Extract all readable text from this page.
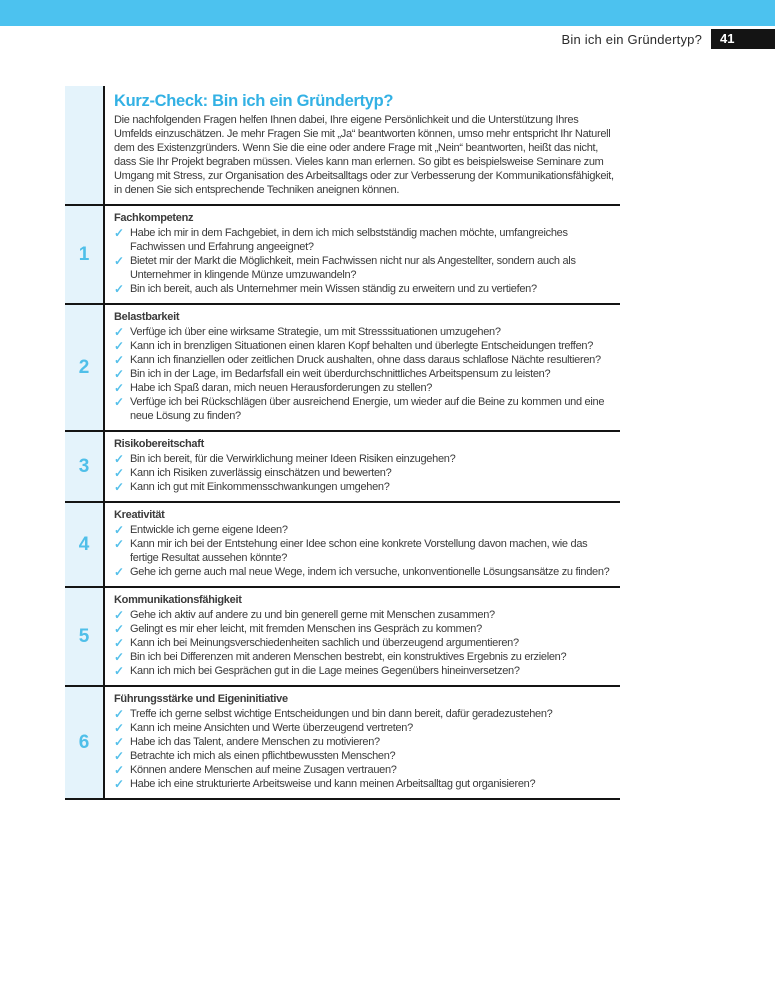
Bin ich ein Gründertyp?	41
Kurz-Check: Bin ich ein Gründertyp?

Die nachfolgenden Fragen helfen Ihnen dabei, Ihre eigene Persönlichkeit und die Unterstützung Ihres Umfelds einzuschätzen. Je mehr Fragen Sie mit „Ja“ beantworten können, umso mehr entspricht Ihr Naturell dem des Existenzgründers. Wenn Sie die eine oder andere Frage mit „Nein“ beantworten, heißt das nicht, dass Sie Ihr Projekt begraben müssen. Vieles kann man erlernen. So gibt es beispielsweise Seminare zum Umgang mit Stress, zur Organisation des Arbeitsalltags oder zur Verbesserung der Kommunikationsfähigkeit, in denen Sie sich entsprechende Techniken aneignen können.

1
Fachkompetenz
✓ Habe ich mir in dem Fachgebiet, in dem ich mich selbstständig machen möchte, umfangreiches Fachwissen und Erfahrung angeeignet?
✓ Bietet mir der Markt die Möglichkeit, mein Fachwissen nicht nur als Angestellter, sondern auch als Unternehmer in klingende Münze umzuwandeln?
✓ Bin ich bereit, auch als Unternehmer mein Wissen ständig zu erweitern und zu vertiefen?
2
Belastbarkeit
✓ Verfüge ich über eine wirksame Strategie, um mit Stresssituationen umzugehen?
✓ Kann ich in brenzligen Situationen einen klaren Kopf behalten und überlegte Entscheidungen treffen?
✓ Kann ich finanziellen oder zeitlichen Druck aushalten, ohne dass daraus schlaflose Nächte resultieren?
✓ Bin ich in der Lage, im Bedarfsfall ein weit überdurchschnittliches Arbeitspensum zu leisten?
✓ Habe ich Spaß daran, mich neuen Herausforderungen zu stellen?
✓ Verfüge ich bei Rückschlägen über ausreichend Energie, um wieder auf die Beine zu kommen und eine neue Lösung zu finden?
3
Risikobereitschaft
✓ Bin ich bereit, für die Verwirklichung meiner Ideen Risiken einzugehen?
✓ Kann ich Risiken zuverlässig einschätzen und bewerten?
✓ Kann ich gut mit Einkommensschwankungen umgehen?
4
Kreativität
✓ Entwickle ich gerne eigene Ideen?
✓ Kann mir ich bei der Entstehung einer Idee schon eine konkrete Vorstellung davon machen, wie das fertige Resultat aussehen könnte?
✓ Gehe ich gerne auch mal neue Wege, indem ich versuche, unkonventionelle Lösungsansätze zu finden?
5
Kommunikationsfähigkeit
✓ Gehe ich aktiv auf andere zu und bin generell gerne mit Menschen zusammen?
✓ Gelingt es mir eher leicht, mit fremden Menschen ins Gespräch zu kommen?
✓ Kann ich bei Meinungsverschiedenheiten sachlich und überzeugend argumentieren?
✓ Bin ich bei Differenzen mit anderen Menschen bestrebt, ein konstruktives Ergebnis zu erzielen?
✓ Kann ich mich bei Gesprächen gut in die Lage meines Gegenübers hineinversetzen?
6
Führungsstärke und Eigeninitiative
✓ Treffe ich gerne selbst wichtige Entscheidungen und bin dann bereit, dafür geradezustehen?
✓ Kann ich meine Ansichten und Werte überzeugend vertreten?
✓ Habe ich das Talent, andere Menschen zu motivieren?
✓ Betrachte ich mich als einen pflichtbewussten Menschen?
✓ Können andere Menschen auf meine Zusagen vertrauen?
✓ Habe ich eine strukturierte Arbeitsweise und kann meinen Arbeitsalltag gut organisieren?
